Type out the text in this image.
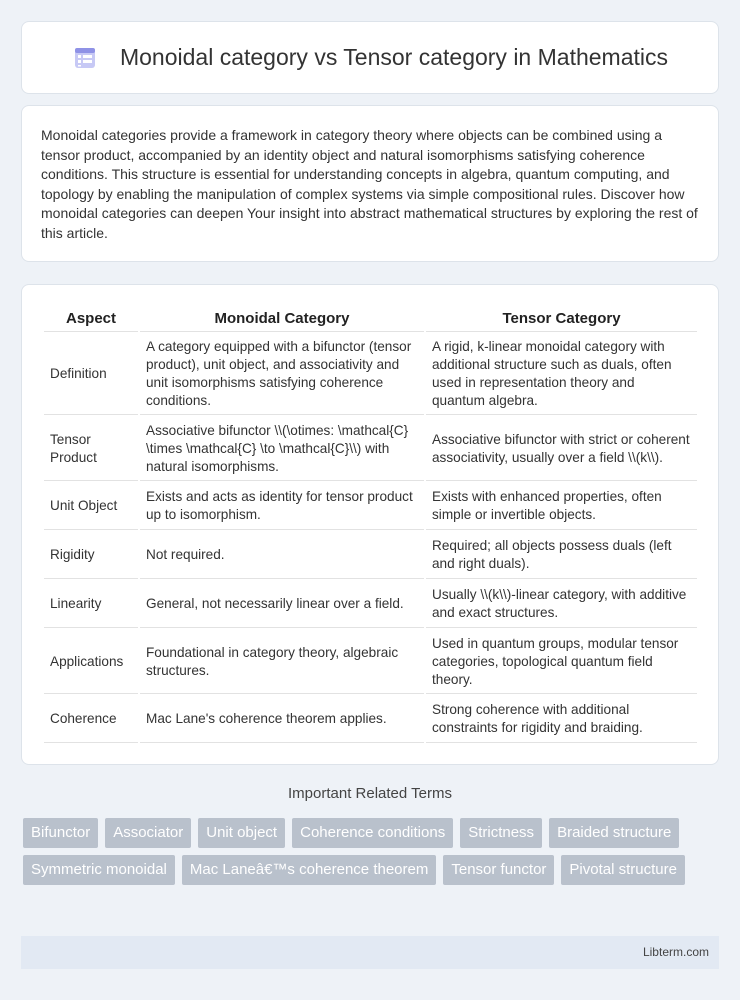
Monoidal category vs Tensor category in Mathematics

Monoidal categories provide a framework in category theory where objects can be combined using a tensor product, accompanied by an identity object and natural isomorphisms satisfying coherence conditions. This structure is essential for understanding concepts in algebra, quantum computing, and topology by enabling the manipulation of complex systems via simple compositional rules. Discover how monoidal categories can deepen Your insight into abstract mathematical structures by exploring the rest of this article.

Aspect	Monoidal Category	Tensor Category
Definition	A category equipped with a bifunctor (tensor product), unit object, and associativity and unit isomorphisms satisfying coherence conditions.	A rigid, k-linear monoidal category with additional structure such as duals, often used in representation theory and quantum algebra.
Tensor Product	Associative bifunctor \\(\otimes: \mathcal{C} \times \mathcal{C} \to \mathcal{C}\\) with natural isomorphisms.	Associative bifunctor with strict or coherent associativity, usually over a field \\(k\\).
Unit Object	Exists and acts as identity for tensor product up to isomorphism.	Exists with enhanced properties, often simple or invertible objects.
Rigidity	Not required.	Required; all objects possess duals (left and right duals).
Linearity	General, not necessarily linear over a field.	Usually \\(k\\)-linear category, with additive and exact structures.
Applications	Foundational in category theory, algebraic structures.	Used in quantum groups, modular tensor categories, topological quantum field theory.
Coherence	Mac Lane's coherence theorem applies.	Strong coherence with additional constraints for rigidity and braiding.
Important Related Terms
Bifunctor	Associator	Unit object	Coherence conditions	Strictness	Braided structure
Symmetric monoidal	Mac Laneâ€™s coherence theorem	Tensor functor	Pivotal structure
Libterm.com
